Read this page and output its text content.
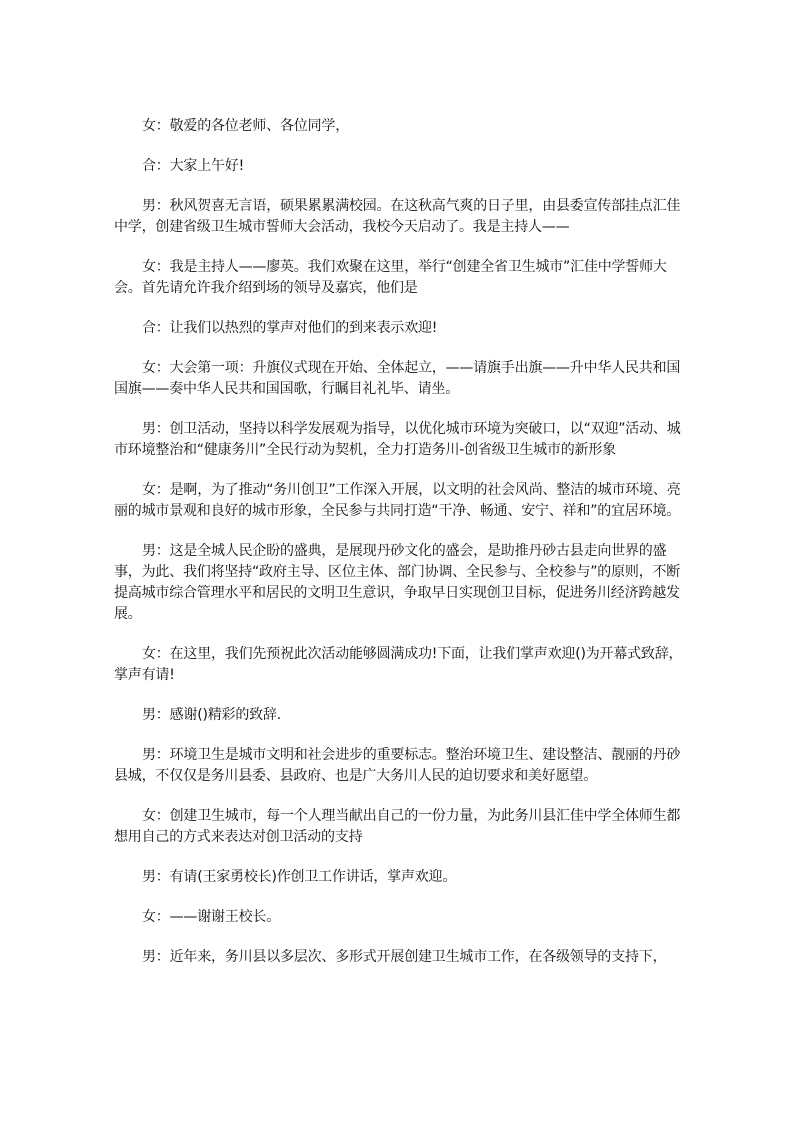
女：敬爱的各位老师、各位同学，

合：大家上午好!

男：秋风贺喜无言语，硕果累累满校园。在这秋高气爽的日子里，由县委宣传部挂点汇佳中学，创建省级卫生城市誓师大会活动，我校今天启动了。我是主持人——

女：我是主持人——廖英。我们欢聚在这里，举行“创建全省卫生城市”汇佳中学誓师大会。首先请允许我介绍到场的领导及嘉宾，他们是

合：让我们以热烈的掌声对他们的到来表示欢迎!

女：大会第一项：升旗仪式现在开始、全体起立，——请旗手出旗——升中华人民共和国国旗——奏中华人民共和国国歌，行瞩目礼礼毕、请坐。

男：创卫活动，坚持以科学发展观为指导，以优化城市环境为突破口，以“双迎”活动、城市环境整治和“健康务川”全民行动为契机，全力打造务川-创省级卫生城市的新形象

女：是啊，为了推动“务川创卫”工作深入开展，以文明的社会风尚、整洁的城市环境、亮丽的城市景观和良好的城市形象，全民参与共同打造“干净、畅通、安宁、祥和”的宜居环境。

男：这是全城人民企盼的盛典，是展现丹砂文化的盛会，是助推丹砂古县走向世界的盛事，为此、我们将坚持“政府主导、区位主体、部门协调、全民参与、全校参与”的原则，不断提高城市综合管理水平和居民的文明卫生意识，争取早日实现创卫目标，促进务川经济跨越发展。

女：在这里，我们先预祝此次活动能够圆满成功!下面，让我们掌声欢迎()为开幕式致辞，掌声有请!

男：感谢()精彩的致辞.

男：环境卫生是城市文明和社会进步的重要标志。整治环境卫生、建设整洁、靓丽的丹砂县城，不仅仅是务川县委、县政府、也是广大务川人民的迫切要求和美好愿望。

女：创建卫生城市，每一个人理当献出自己的一份力量，为此务川县汇佳中学全体师生都想用自己的方式来表达对创卫活动的支持

男：有请(王家勇校长)作创卫工作讲话，掌声欢迎。

女：——谢谢王校长。

男：近年来，务川县以多层次、多形式开展创建卫生城市工作，在各级领导的支持下，
